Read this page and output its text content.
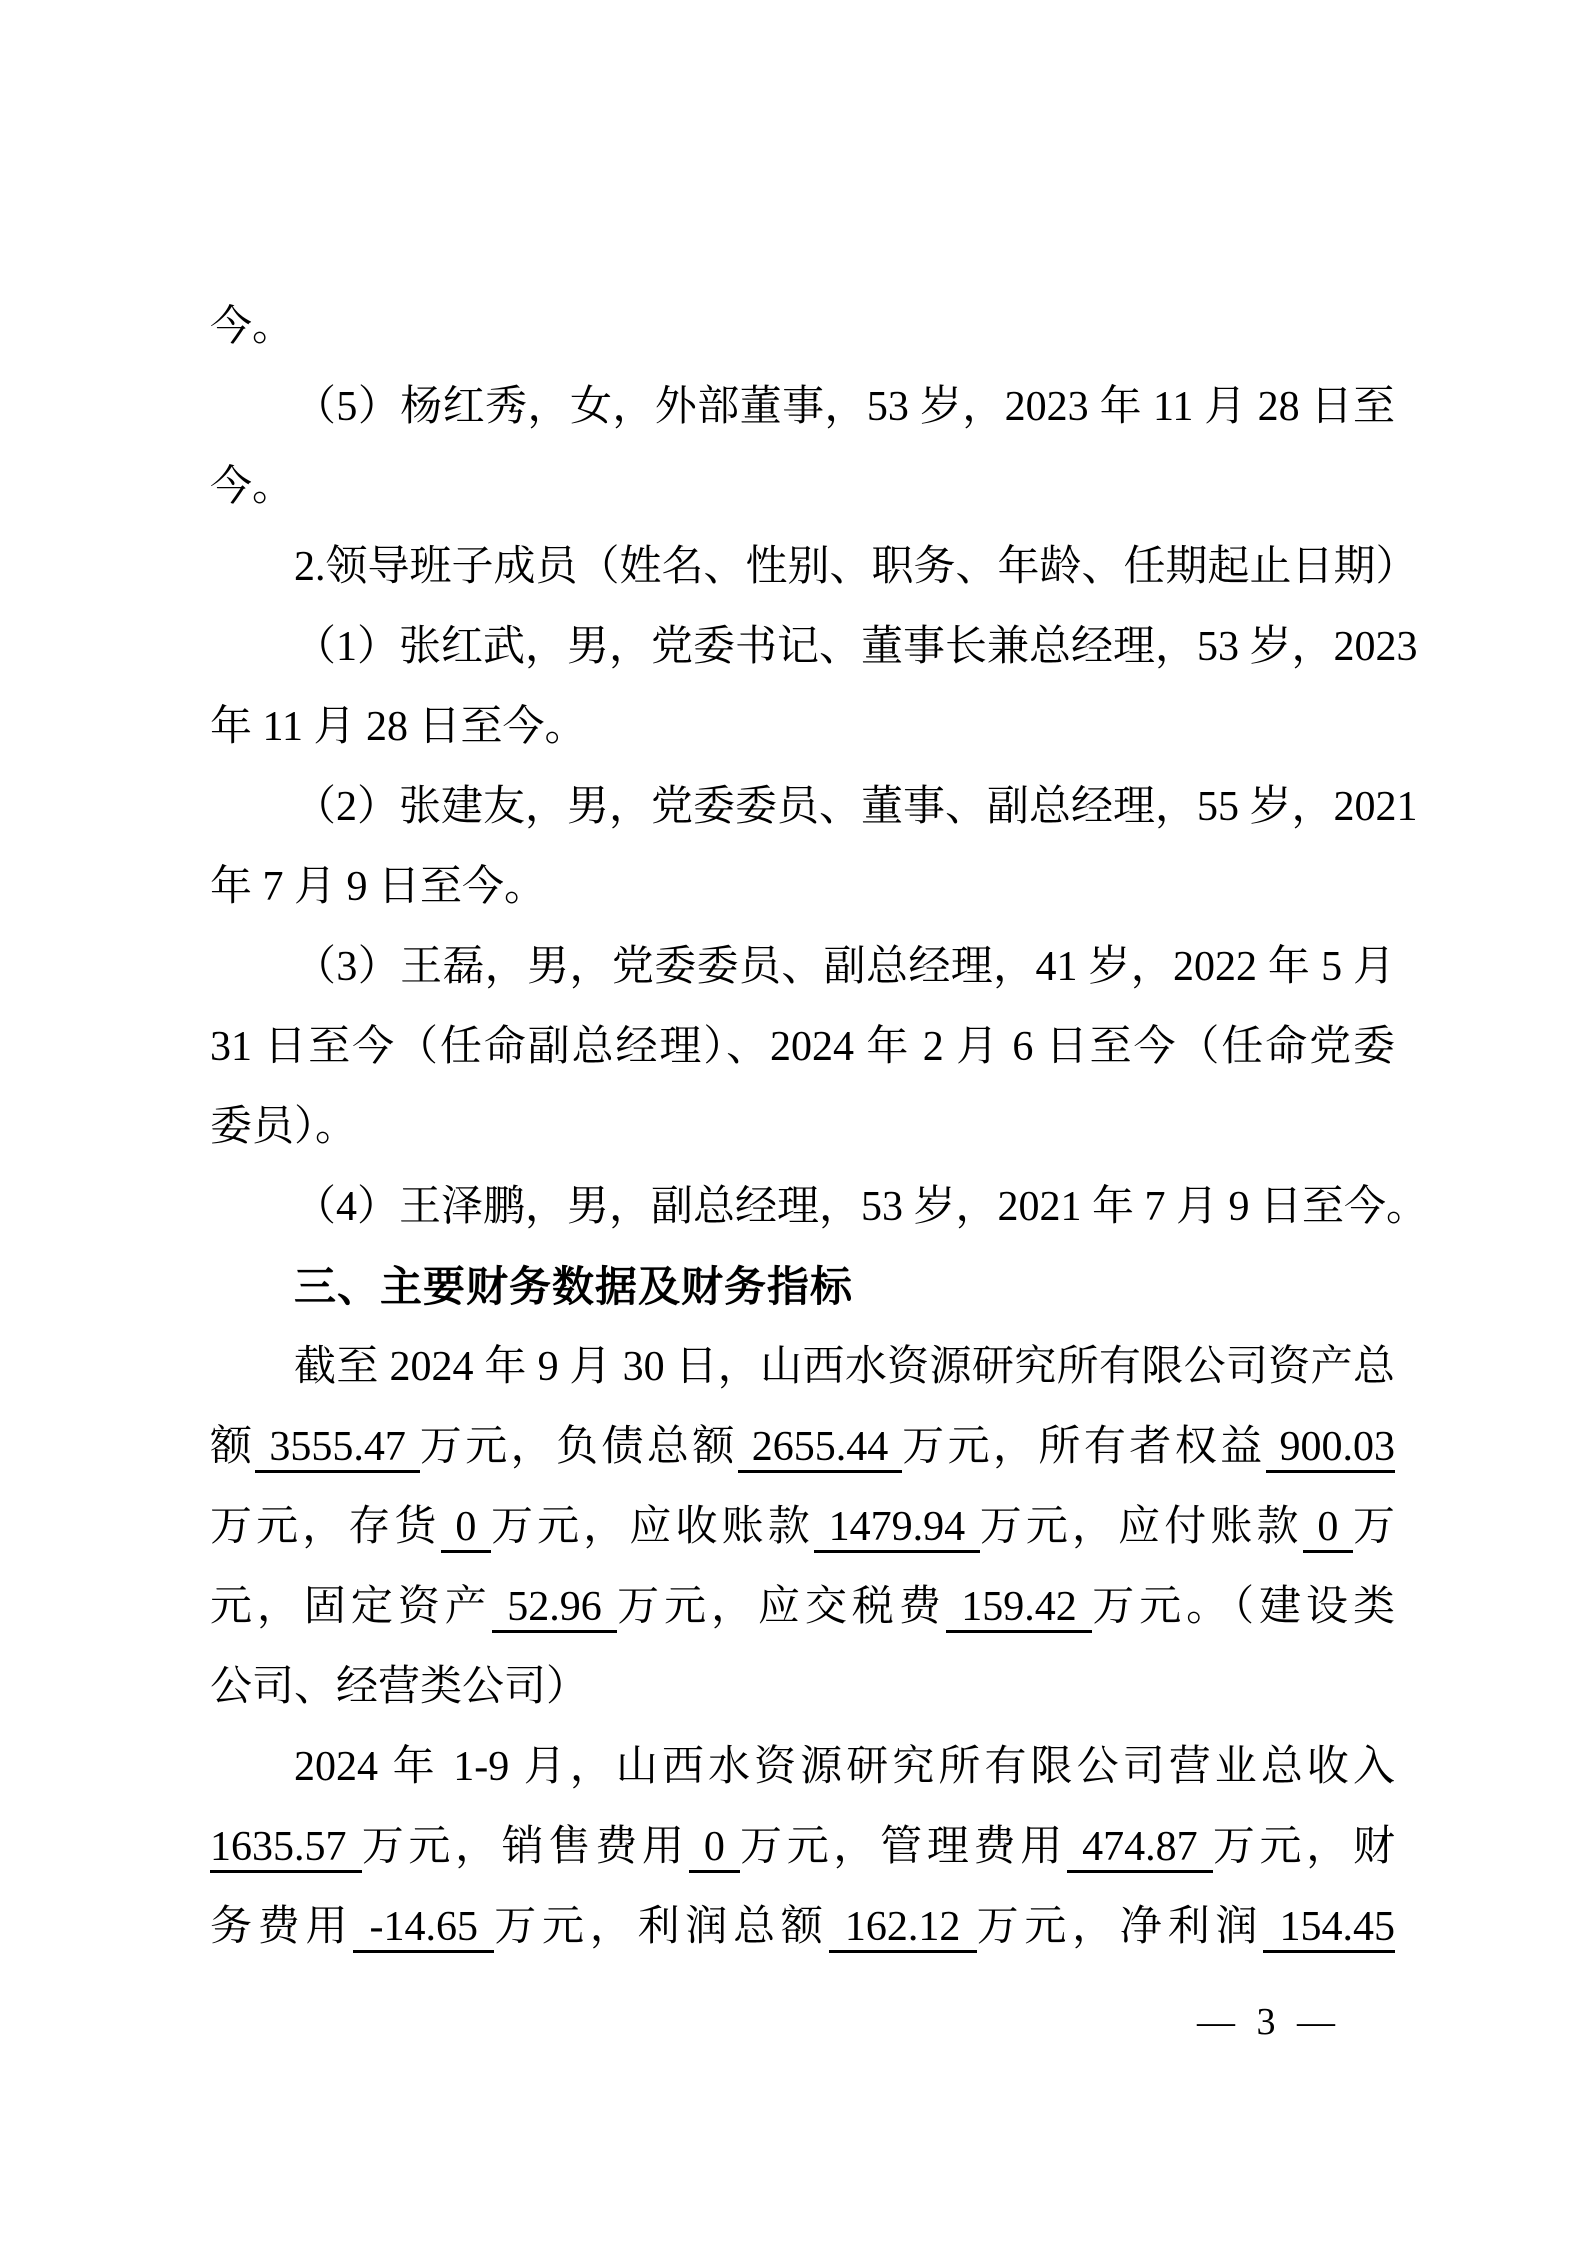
今。
（5）杨红秀，女，外部董事，53 岁，2023 年 11 月 28 日至
今。
2.领导班子成员（姓名、性别、职务、年龄、任期起止日期）
（1）张红武，男，党委书记、董事长兼总经理，53 岁，2023
年 11 月 28 日至今。
（2）张建友，男，党委委员、董事、副总经理，55 岁，2021
年 7 月 9 日至今。
（3）王磊，男，党委委员、副总经理，41 岁，2022 年 5 月
31 日至今（任命副总经理）、2024 年 2 月 6 日至今（任命党委
委员）。
（4）王泽鹏，男，副总经理，53 岁，2021 年 7 月 9 日至今。
三、主要财务数据及财务指标
截至 2024 年 9 月 30 日，山西水资源研究所有限公司资产总
额 3555.47 万元，负债总额 2655.44 万元，所有者权益 900.03
万元，存货 0 万元，应收账款 1479.94 万元，应付账款 0 万
元，固定资产 52.96 万元，应交税费 159.42 万元。（建设类
公司、经营类公司）
2024 年 1-9 月，山西水资源研究所有限公司营业总收入
1635.57 万元，销售费用 0 万元，管理费用 474.87 万元，财
务费用 -14.65 万元，利润总额 162.12 万元，净利润 154.45
— 3 —
